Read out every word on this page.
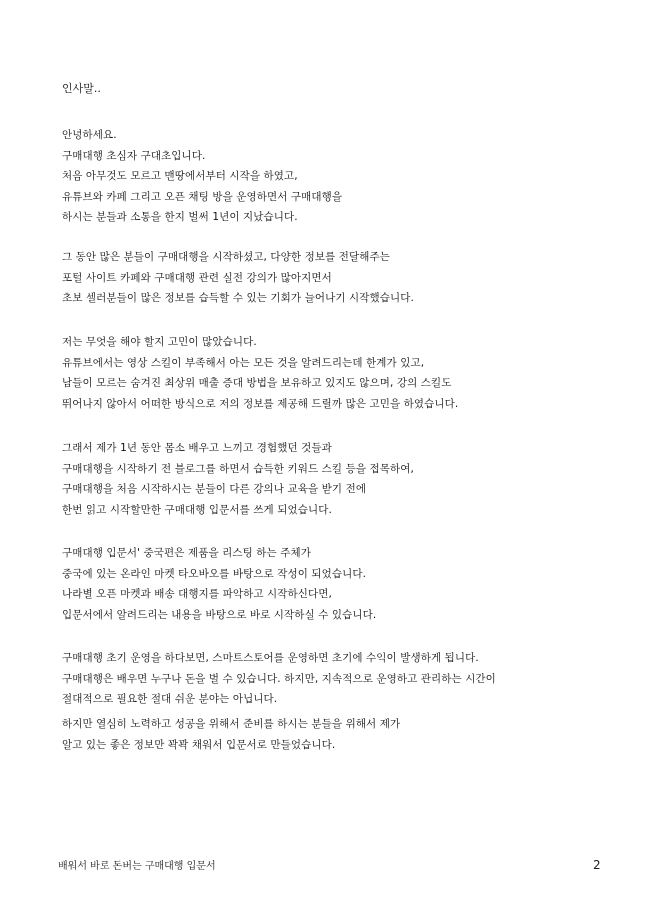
인사말..

안녕하세요.
구매대행 초심자 구대초입니다.
처음 아무것도 모르고 맨땅에서부터 시작을 하였고,
유튜브와 카페 그리고 오픈 채팅 방을 운영하면서 구매대행을
하시는 분들과 소통을 한지 벌써 1년이 지났습니다.

그 동안 많은 분들이 구매대행을 시작하셨고, 다양한 정보를 전달해주는
포털 사이트 카페와 구매대행 관련 실전 강의가 많아지면서
초보 셀러분들이 많은 정보를 습득할 수 있는 기회가 늘어나기 시작했습니다.

저는 무엇을 해야 할지 고민이 많았습니다.
유튜브에서는 영상 스킬이 부족해서 아는 모든 것을 알려드리는데 한계가 있고,
남들이 모르는 숨겨진 최상위 매출 증대 방법을 보유하고 있지도 않으며, 강의 스킬도
뛰어나지 않아서 어떠한 방식으로 저의 정보를 제공해 드릴까 많은 고민을 하였습니다.

그래서 제가 1년 동안 몸소 배우고 느끼고 경험했던 것들과
구매대행을 시작하기 전 블로그를 하면서 습득한 키워드 스킬 등을 접목하여,
구매대행을 처음 시작하시는 분들이 다른 강의나 교육을 받기 전에
한번 읽고 시작할만한 구매대행 입문서를 쓰게 되었습니다.

구매대행 입문서' 중국편은 제품을 리스팅 하는 주체가
중국에 있는 온라인 마켓 타오바오를 바탕으로 작성이 되었습니다.
나라별 오픈 마켓과 배송 대행지를 파악하고 시작하신다면,
입문서에서 알려드리는 내용을 바탕으로 바로 시작하실 수 있습니다.

구매대행 초기 운영을 하다보면, 스마트스토어를 운영하면 초기에 수익이 발생하게 됩니다.
구매대행은 배우면 누구나 돈을 벌 수 있습니다. 하지만, 지속적으로 운영하고 관리하는 시간이
절대적으로 필요한 절대 쉬운 분야는 아닙니다.

하지만 열심히 노력하고 성공을 위해서 준비를 하시는 분들을 위해서 제가
알고 있는 좋은 정보만 꽉꽉 채워서 입문서로 만들었습니다.

배워서 바로 돈버는 구매대행 입문서	2
